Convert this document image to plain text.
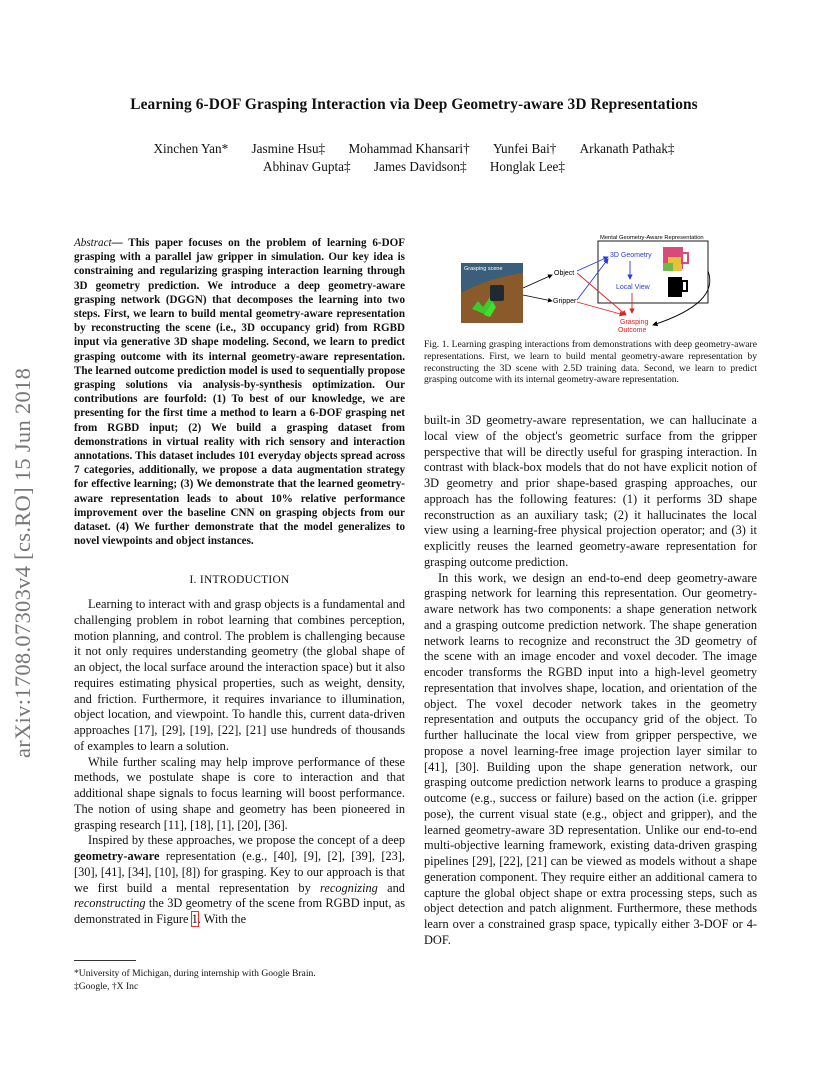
Learning 6-DOF Grasping Interaction via Deep Geometry-aware 3D Representations
Xinchen Yan* Jasmine Hsu‡ Mohammad Khansari† Yunfei Bai† Arkanath Pathak‡
Abhinav Gupta‡ James Davidson‡ Honglak Lee‡
arXiv:1708.07303v4 [cs.RO] 15 Jun 2018
Abstract— This paper focuses on the problem of learning 6-DOF grasping with a parallel jaw gripper in simulation. Our key idea is constraining and regularizing grasping interaction learning through 3D geometry prediction. We introduce a deep geometry-aware grasping network (DGGN) that decomposes the learning into two steps. First, we learn to build mental geometry-aware representation by reconstructing the scene (i.e., 3D occupancy grid) from RGBD input via generative 3D shape modeling. Second, we learn to predict grasping outcome with its internal geometry-aware representation. The learned outcome prediction model is used to sequentially propose grasping solutions via analysis-by-synthesis optimization. Our contributions are fourfold: (1) To best of our knowledge, we are presenting for the first time a method to learn a 6-DOF grasping net from RGBD input; (2) We build a grasping dataset from demonstrations in virtual reality with rich sensory and interaction annotations. This dataset includes 101 everyday objects spread across 7 categories, additionally, we propose a data augmentation strategy for effective learning; (3) We demonstrate that the learned geometry-aware representation leads to about 10% relative performance improvement over the baseline CNN on grasping objects from our dataset. (4) We further demonstrate that the model generalizes to novel viewpoints and object instances.
I. INTRODUCTION

Learning to interact with and grasp objects is a fundamental and challenging problem in robot learning that combines perception, motion planning, and control. The problem is challenging because it not only requires understanding geometry (the global shape of an object, the local surface around the interaction space) but it also requires estimating physical properties, such as weight, density, and friction. Furthermore, it requires invariance to illumination, object location, and viewpoint. To handle this, current data-driven approaches [17], [29], [19], [22], [21] use hundreds of thousands of examples to learn a solution.

While further scaling may help improve performance of these methods, we postulate shape is core to interaction and that additional shape signals to focus learning will boost performance. The notion of using shape and geometry has been pioneered in grasping research [11], [18], [1], [20], [36].

Inspired by these approaches, we propose the concept of a deep geometry-aware representation (e.g., [40], [9], [2], [39], [23], [30], [41], [34], [10], [8]) for grasping. Key to our approach is that we first build a mental representation by recognizing and reconstructing the 3D geometry of the scene from RGBD input, as demonstrated in Figure 1. With the

*University of Michigan, during internship with Google Brain.
‡Google, †X Inc
Grasping scene
Object
Gripper
Mental Geometry-Aware Representation
3D Geometry
Local View
Grasping
Outcome
Fig. 1. Learning grasping interactions from demonstrations with deep geometry-aware representations. First, we learn to build mental geometry-aware representation by reconstructing the 3D scene with 2.5D training data. Second, we learn to predict grasping outcome with its internal geometry-aware representation.

built-in 3D geometry-aware representation, we can hallucinate a local view of the object's geometric surface from the gripper perspective that will be directly useful for grasping interaction. In contrast with black-box models that do not have explicit notion of 3D geometry and prior shape-based grasping approaches, our approach has the following features: (1) it performs 3D shape reconstruction as an auxiliary task; (2) it hallucinates the local view using a learning-free physical projection operator; and (3) it explicitly reuses the learned geometry-aware representation for grasping outcome prediction.

In this work, we design an end-to-end deep geometry-aware grasping network for learning this representation. Our geometry-aware network has two components: a shape generation network and a grasping outcome prediction network. The shape generation network learns to recognize and reconstruct the 3D geometry of the scene with an image encoder and voxel decoder. The image encoder transforms the RGBD input into a high-level geometry representation that involves shape, location, and orientation of the object. The voxel decoder network takes in the geometry representation and outputs the occupancy grid of the object. To further hallucinate the local view from gripper perspective, we propose a novel learning-free image projection layer similar to [41], [30]. Building upon the shape generation network, our grasping outcome prediction network learns to produce a grasping outcome (e.g., success or failure) based on the action (i.e. gripper pose), the current visual state (e.g., object and gripper), and the learned geometry-aware 3D representation. Unlike our end-to-end multi-objective learning framework, existing data-driven grasping pipelines [29], [22], [21] can be viewed as models without a shape generation component. They require either an additional camera to capture the global object shape or extra processing steps, such as object detection and patch alignment. Furthermore, these methods learn over a constrained grasp space, typically either 3-DOF or 4-DOF.
